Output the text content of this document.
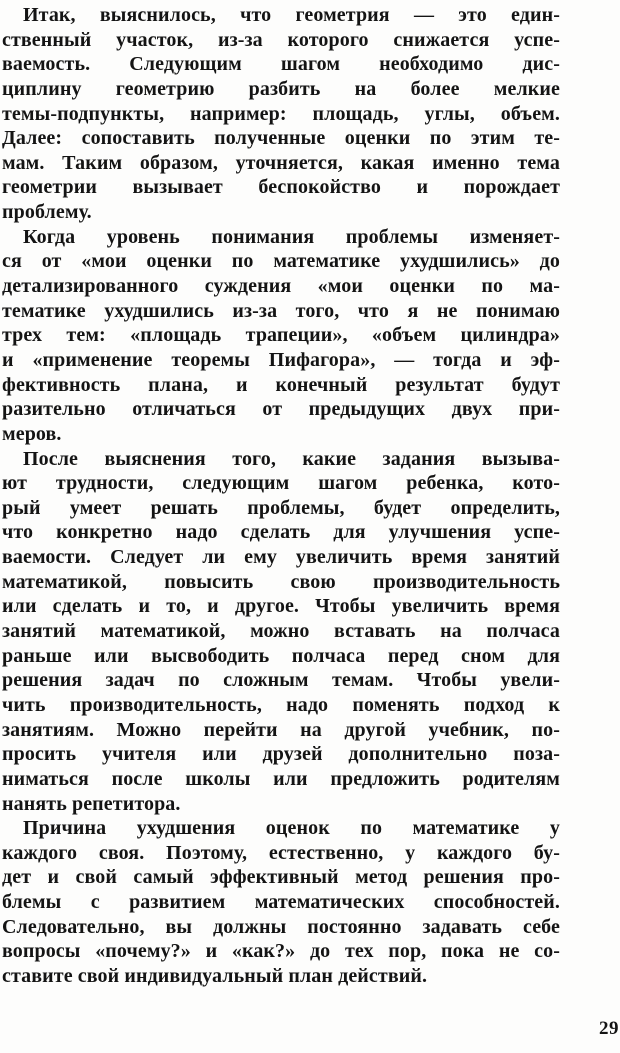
Итак, выяснилось, что геометрия — это един-
ственный участок, из-за которого снижается успе-
ваемость. Следующим шагом необходимо дис-
циплину геометрию разбить на более мелкие
темы-подпункты, например: площадь, углы, объем.
Далее: сопоставить полученные оценки по этим те-
мам. Таким образом, уточняется, какая именно тема
геометрии вызывает беспокойство и порождает
проблему.
Когда уровень понимания проблемы изменяет-
ся от «мои оценки по математике ухудшились» до
детализированного суждения «мои оценки по ма-
тематике ухудшились из-за того, что я не понимаю
трех тем: «площадь трапеции», «объем цилиндра»
и «применение теоремы Пифагора», — тогда и эф-
фективность плана, и конечный результат будут
разительно отличаться от предыдущих двух при-
меров.
После выяснения того, какие задания вызыва-
ют трудности, следующим шагом ребенка, кото-
рый умеет решать проблемы, будет определить,
что конкретно надо сделать для улучшения успе-
ваемости. Следует ли ему увеличить время занятий
математикой, повысить свою производительность
или сделать и то, и другое. Чтобы увеличить время
занятий математикой, можно вставать на полчаса
раньше или высвободить полчаса перед сном для
решения задач по сложным темам. Чтобы увели-
чить производительность, надо поменять подход к
занятиям. Можно перейти на другой учебник, по-
просить учителя или друзей дополнительно поза-
ниматься после школы или предложить родителям
нанять репетитора.
Причина ухудшения оценок по математике у
каждого своя. Поэтому, естественно, у каждого бу-
дет и свой самый эффективный метод решения про-
блемы с развитием математических способностей.
Следовательно, вы должны постоянно задавать себе
вопросы «почему?» и «как?» до тех пор, пока не со-
ставите свой индивидуальный план действий.
29
